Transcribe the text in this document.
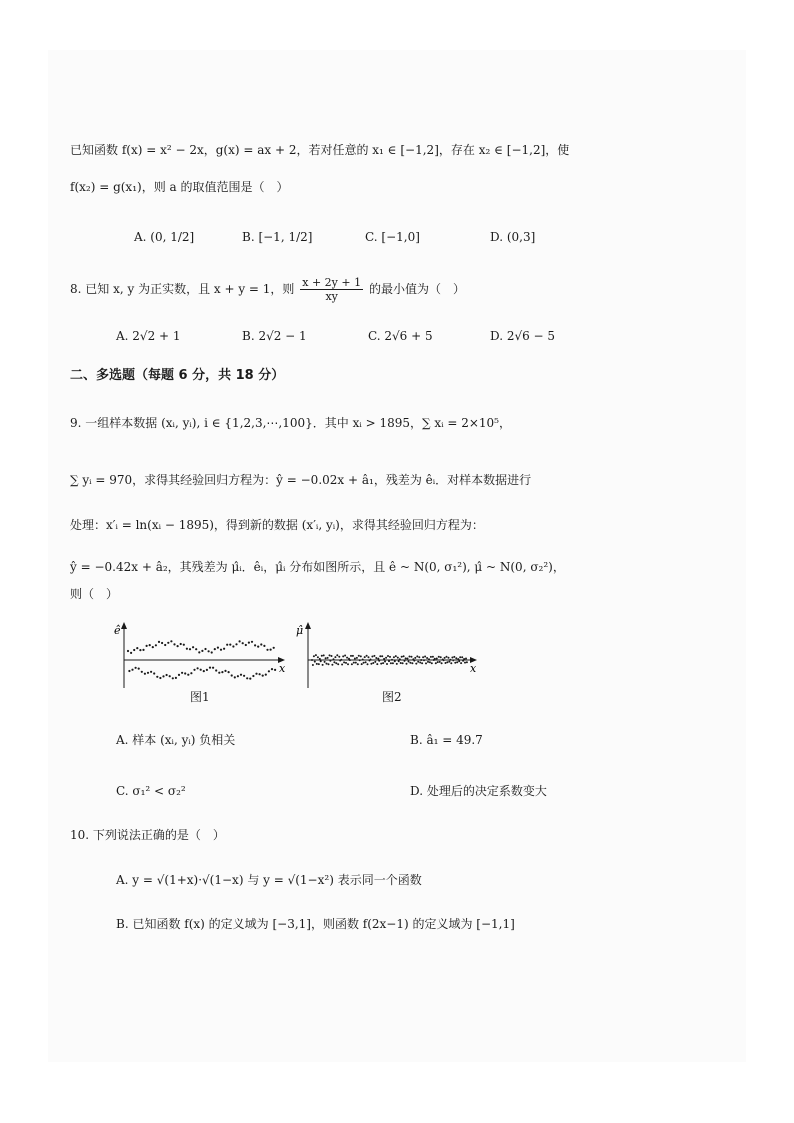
已知函数 f(x) = x² − 2x，g(x) = ax + 2，若对任意的 x₁ ∈ [−1,2]，存在 x₂ ∈ [−1,2]，使
f(x₂) = g(x₁)，则 a 的取值范围是（　）
A. (0, 1/2]	B. [−1, 1/2]	C. [−1,0]	D. (0,3]
8. 已知 x, y 为正实数，且 x + y = 1，则 $\frac{x + 2y + 1}{xy}$ 的最小值为（　）
A. 2√2 + 1	B. 2√2 − 1	C. 2√6 + 5	D. 2√6 − 5
二、多选题（每题 6 分，共 18 分）
9. 一组样本数据 (xᵢ, yᵢ), i ∈ {1,2,3,⋯,100}．其中 xᵢ > 1895，∑ xᵢ = 2×10⁵，
∑ yᵢ = 970，求得其经验回归方程为：ŷ = −0.02x + â₁，残差为 êᵢ．对样本数据进行
处理：x′ᵢ = ln(xᵢ − 1895)，得到新的数据 (x′ᵢ, yᵢ)，求得其经验回归方程为：
ŷ = −0.42x + â₂，其残差为 μ̂ᵢ．êᵢ，μ̂ᵢ 分布如图所示，且 ê ~ N(0, σ₁²), μ̂ ~ N(0, σ₂²)，
则（　）
ê
x
图1
μ̂
x
图2
A. 样本 (xᵢ, yᵢ) 负相关	B. â₁ = 49.7
C. σ₁² < σ₂²	D. 处理后的决定系数变大
10. 下列说法正确的是（　）
A. y = √(1+x)·√(1−x) 与 y = √(1−x²) 表示同一个函数
B. 已知函数 f(x) 的定义域为 [−3,1]，则函数 f(2x−1) 的定义域为 [−1,1]
